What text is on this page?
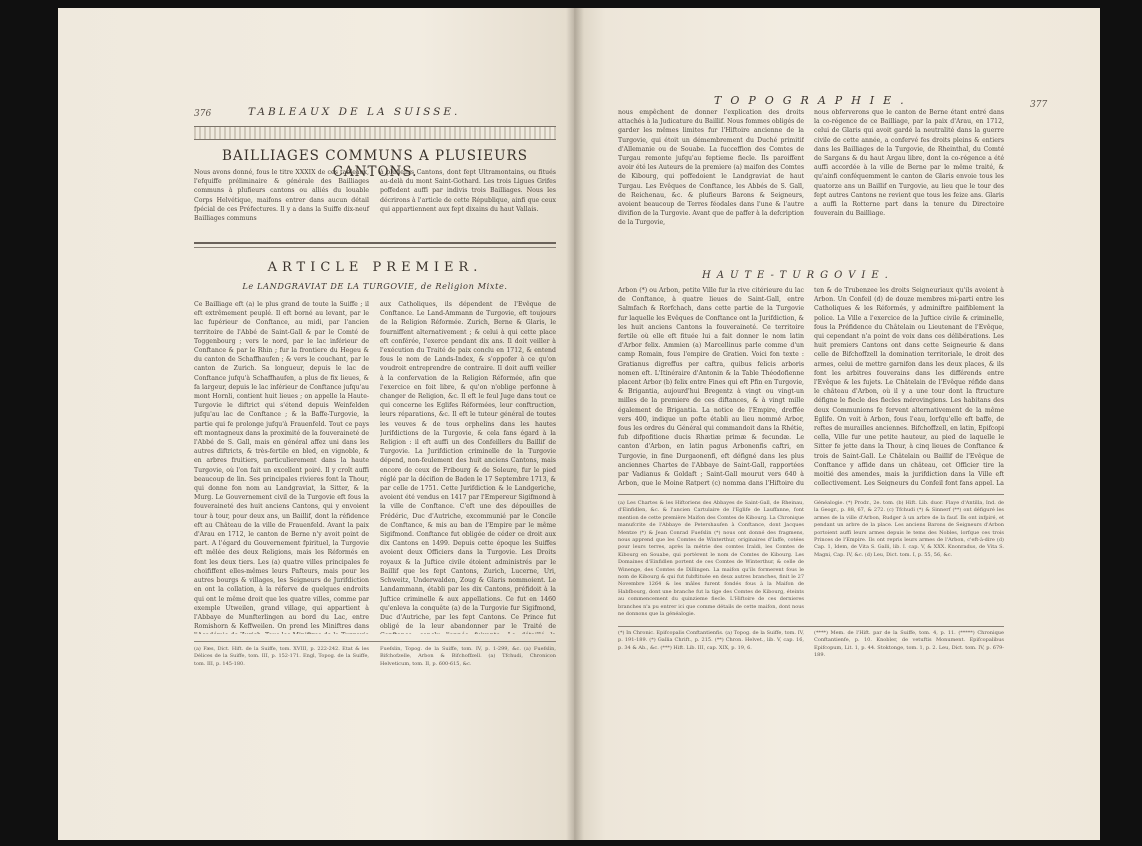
376	TABLEAUX DE LA SUISSE.
BAILLIAGES COMMUNS A PLUSIEURS CANTONS.
Nous avons donné, fous le titre XXXIX de ces tableaux, l'efquiffe préliminaire & générale des Bailliages communs à plufieurs cantons ou alliés du louable Corps Helvétique, maifons entrer dans aucun détail fpécial de ces Préfectures. Il y a dans la Suiffe dix-neuf Bailliages communs
à plufieurs Cantons, dont fept Ultramontains, ou fitués au-delà du mont Saint-Gothard. Les trois Ligues Grifes poffedent auffi par indivis trois Bailliages. Nous les décrirons à l'article de cette République, ainfi que ceux qui appartiennent aux fept dixains du haut Vallais.
ARTICLE PREMIER.
Le LANDGRAVIAT DE LA TURGOVIE, de Religion Mixte.
Ce Bailliage eft (a) le plus grand de toute la Suiffe ; il eft extrêmement peuplé. Il eft borné au levant, par le lac fupérieur de Conftance, au midi, par l'ancien territoire de l'Abbé de Saint-Gall & par le Comté de Toggenbourg ; vers le nord, par le lac inférieur de Conftance & par le Rhin ; fur la frontiere du Hegeu & du canton de Schaffhaufen ; & vers le couchant, par le canton de Zurich. Sa longueur, depuis le lac de Conftance jufqu'à Schaffhaufen, a plus de fix lieues, & fa largeur, depuis le lac inférieur de Conftance jufqu'au mont Hornli, contient huit lieues ; on appelle la Haute-Turgovie le diftrict qui s'étend depuis Weinfelden jufqu'au lac de Conftance ; & la Baffe-Turgovie, la partie qui fe prolonge jufqu'à Frauenfeld. Tout ce pays eft montagneux dans la proximité de la fouveraineté de l'Abbé de S. Gall, mais en général affez uni dans les autres diftricts, & très-fertile en bled, en vignoble, & en arbres fruitiers, particulierement dans la haute Turgovie, où l'on fait un excellent poiré. Il y croît auffi beaucoup de lin. Ses principales rivieres font la Thour, qui donne fon nom au Landgraviat, la Sitter, & la Murg. Le Gouvernement civil de la Turgovie eft fous la fouveraineté des huit anciens Cantons, qui y envoient tour à tour, pour deux ans, un Baillif, dont la réfidence eft au Château de la ville de Frauenfeld. Avant la paix d'Arau en 1712, le canton de Berne n'y avoit point de part. A l'égard du Gouvernement fpirituel, la Turgovie eft mêlée des deux Religions, mais les Réformés en font les deux tiers. Les (a) quatre villes principales fe choififfent elles-mêmes leurs Pafteurs, mais pour les autres bourgs & villages, les Seigneurs de Jurifdiction en ont la collation, à la réferve de quelques endroits qui ont le même droit que les quatre villes, comme par exemple Utweilen, grand village, qui appartient à l'Abbaye de Munfterlingen au bord du Lac, entre Romishorn & Keffweilen. On prend les Miniftres dans
aux Catholiques, ils dépendent de l'Evêque de Conftance. Le Land-Ammann de Turgovie, eft toujours de la Religion Réformée. Zurich, Berne & Glaris, le fourniffent alternativement ; & celui à qui cette place eft conférée, l'exerce pendant dix ans. Il doit veiller à l'exécution du Traité de paix conclu en 1712, & entend fous le nom de Lands-Index, & s'oppofer à ce qu'on voudroit entreprendre de contraire. Il doit auffi veiller à la confervation de la Religion Réformée, afin que l'exercice en foit libre, & qu'on n'oblige perfonne à changer de Religion, &c. Il eft le feul Juge dans tout ce qui concerne les Eglifes Réformées, leur conftruction, leurs réparations, &c. Il eft le tuteur général de toutes les veuves & de tous orphelins dans les hautes Jurifdictions de la Turgovie, & cela fans égard à la Religion : il eft auffi un des Confeillers du Baillif de Turgovie. La Jurifdiction criminelle de la Turgovie dépend, non-feulement des huit anciens Cantons, mais encore de ceux de Fribourg & de Soleure, fur le pied réglé par la décifion de Baden le 17 Septembre 1713, & par celle de 1751. Cette Jurifdiction & le Landgeriche, avoient été vendus en 1417 par l'Empereur Sigifmond à la ville de Conftance. C'eft une des dépouilles de Frédéric, Duc d'Autriche, excommunié par le Concile de Conftance, & mis au ban de l'Empire par le même Sigifmond. Conftance fut obligée de céder ce droit aux dix Cantons en 1499. Depuis cette époque les Suiffes avoient deux Officiers dans la Turgovie. Les Droits royaux & la Juftice civile étoient administrés par le Baillif que les fept Cantons, Zurich, Lucerne, Uri, Schweitz, Underwalden, Zoug & Glaris nommoient. Le Landammann, établi par les dix Cantons, préfidoit à la Juftice criminelle & aux appellations. Ce fut en 1460 qu'enleva la conquête (a) de la Turgovie fur Sigifmond, Duc d'Autriche, par les fept Cantons. Ce Prince fut obligé de la leur abandonner par le Traité de
(a) Fæs, Dict. Hift. de la Suiffe, tom. XVIII, p. 222-242. Etat & les Délices de la Suiffe, tom. III, p. 152-171. Engl, Topog. de la Suiffe, tom. III, p. 145-180.
Fuefslin, Topog. de la Suiffe, tom. IV, p. 1-299, &c. (a) Fuefslin, Bifchofzelle, Arbon & Bifchoffzell. (a) Tfchudi, Chronicon Helveticum, tom. II, p. 600-615, &c.
TOPOGRAPHIE.	377
nous empêchent de donner l'explication des droits attachés à la Judicature du Baillif. Nous fommes obligés de garder les mêmes limites fur l'Hiftoire ancienne de la Turgovie, qui étoit un démembrement du Duché primitif d'Allemanie ou de Souabe. La fucceffion des Comtes de Turgau remonte jufqu'au feptieme fiecle. Ils paroiffent avoir été les Auteurs de la premiere (a) maifon des Comtes de Kibourg, qui poffedoient le Landgraviat de haut Turgau. Les Evêques de Conftance, les Abbés de S. Gall, de Reichenau, &c. & plufieurs Barons & Seigneurs, avoient beaucoup de Terres féodales dans l'une & l'autre divifion de la Turgovie. Avant que de paffer à la defcription de la Turgovie,
nous obferverons que le canton de Berne étant entré dans la co-régence de ce Bailliage, par la paix d'Arau, en 1712, celui de Glaris qui avoit gardé la neutralité dans la guerre civile de cette année, a confervé fes droits pleins & entiers dans les Bailliages de la Turgovie, de Rheinthal, du Comté de Sargans & du haut Argau libre, dont la co-régence a été auffi accordée à la ville de Berne par le même traité, & qu'ainfi conféquemment le canton de Glaris envoie tous les quatorze ans un Baillif en Turgovie, au lieu que le tour des fept autres Cantons ne revient que tous les feize ans. Glaris a auffi la Rotterne part dans la tenure du Directoire fouverain du Bailliage.
HAUTE-TURGOVIE.
Arbon (*) ou Arbon, petite Ville fur la rive citérieure du lac de Conftance, à quatre lieues de Saint-Gall, entre Salmfach & Rorfchach, dans cette partie de la Turgovie fur laquelle les Evêques de Conftance ont la Jurifdiction, & les huit anciens Cantons la fouveraineté. Ce territoire fertile où elle eft fituée lui a fait donner le nom latin d'Arbor felix. Ammien (a) Marcellinus parle comme d'un camp Romain, fous l'empire de Gratien. Voici fon texte : Gratianus digreffus per caftra, quibus felicis arboris nomen eft. L'Itinéraire d'Antonin & la Table Théodofienne placent Arbor (b) felix entre Fines qui eft Pfin en Turgovie, & Brigantia, aujourd'hui Bregentz à vingt ou vingt-un milles de la premiere de ces diftances, & à vingt mille également de Brigantia. La notice de l'Empire, dreffée vers 400, indique un pofte établi au lieu nommé Arbor, fous les ordres du Général qui commandoit dans la Rhétie, fub difpofitione ducis Rhætiæ primæ & fecundæ. Le canton d'Arbon, en latin pagus Arbonenfis caftri, en Turgovie, in fine Durgaonenfi, eft défigné dans les plus anciennes Chartes de l'Abbaye de Saint-Gall, rapportées par Vadianus & Goldaft ; Saint-Gall mourut vers 640 à Arbon, que le Moine Ratpert (c) nomma dans l'Hiftoire du
ten & de Trubenzee les droits Seigneuriaux qu'ils avoient à Arbon. Un Confeil (d) de douze membres mi-parti entre les Catholiques & les Réformés, y adminiftre paifiblement la police. La Ville a l'exercice de la Juftice civile & criminelle, fous la Préfidence du Châtelain ou Lieutenant de l'Evêque, qui cependant n'a point de voix dans ces délibérations. Les huit premiers Cantons ont dans cette Seigneurie & dans celle de Bifchoffzell la domination territoriale, le droit des armes, celui de mettre garnifon dans les deux places, & ils font les arbitres fouverains dans les différends entre l'Evêque & les fujets. Le Châtelain de l'Evêque réfide dans le château d'Arbon, où il y a une tour dont la ftructure défigne le fiecle des fiecles mérovingiens. Les habitans des deux Communions fe fervent alternativement de la même Eglife. On voit à Arbon, fous l'eau, lorfqu'elle eft baffe, de reftes de murailles anciennes. Bifchoffzell, en latin, Epifcopi cella, Ville fur une petite hauteur, au pied de laquelle le Sitter fe jette dans la Thour, à cinq lieues de Conftance & trois de Saint-Gall. Le Châtelain ou Baillif de l'Evêque de Conftance y affide dans un château, cet Officier tire la moitié des amendes, mais la jurifdiction dans la Ville eft collectivement. Les Seigneurs du Confeil font fans appel. La
(a) Les Chartes & les Hiftoriens des Abbayes de Saint-Gall, de Rheinau, d'Einfidlen, &c. & l'ancien Cartulaire de l'Eglife de Lauffanne, font mention de cette première Maifon des Comtes de Kibourg. La Chronique manufcrite de l'Abbaye de Petershaufen à Conftance, dont Jacques Mentze (*) & Jean Conrad Fuefslin (*) nous ont donné des fragmens, nous apprend que les Comtes de Winterthur, originaires d'Iaffe, cotées pour leurs terres, après la métrie des comtes Iraldi, les Comtes de Kibourg en Souabe, qui portèrent le nom de Comtes de Kibourg. Les Domaines d'Einfidlen portent de ces Comtes de Winterthur, & celle de Winenge, des Comtes de Dillingen. La maifon qu'ils formerent fous le nom de Kibourg & qui fut fubftituée en deux autres branches, finit le 27 Novembre 1264 & les mâles furent fondés fous à la Maifon de Habfbourg, dont une branche fut la tige des Comtes de Kibourg, éteints au commencement du quinzieme fiecle. L'Hiftoire de ces dernieres branches n'a pu entrer ici que comme détails de cette maifon, dont nous ne donnons que la généalogie.
Généalogie. (*) Prodr., 2e. tom. (b) Hift. Lib. duor. Flaye d'Antilla, Ind. de la Geogr., p. 88, 67, & 272. (c) Tfchudi (*) & Sinnerf (**) ont défiguré les armes de la ville d'Arbon, Rudger à un arbre de la fauf. Ils ont infpiré, et pendant un arbre de la place. Les anciens Barons de Seigneurs d'Arbon portoient auffi leurs armes depuis le tems des Nobles, lorfque ces trois Princes de l'Empire. Ils ont repris leurs armes de l'Arbon, c'eft-à-dire (d) Cap. 1, Idem, de Vita S. Galli, lib. I. cap. V, & XXX. Knonradus, de Vita S. Magni, Cap. IV, &c. (d) Leu, Dict. tom. I, p. 55, 56, &c.
(*) In Chronic. Epifcopalis Conftantienfis. (a) Topog. de la Suiffe, tom. IV, p. 191-189. (*) Gallia Chrift., p. 215. (**) Chron. Helvet., lib. V, cap. 16, p. 34 & Ab., &c. (***) Hift. Lib. III, cap. XIX, p. 19, 6.
(****) Mem. de l'Hift. par de la Suiffe, tom. 4, p. 11. (*****) Chronique Conftantienfe, p. 10. Knobler, de vetuftis Monument. Epifcopalibus Epifcopum, Lit. 1, p. 44. Stoktonge, tom. 1, p. 2. Leu, Dict. tom. IV, p. 679-189.
